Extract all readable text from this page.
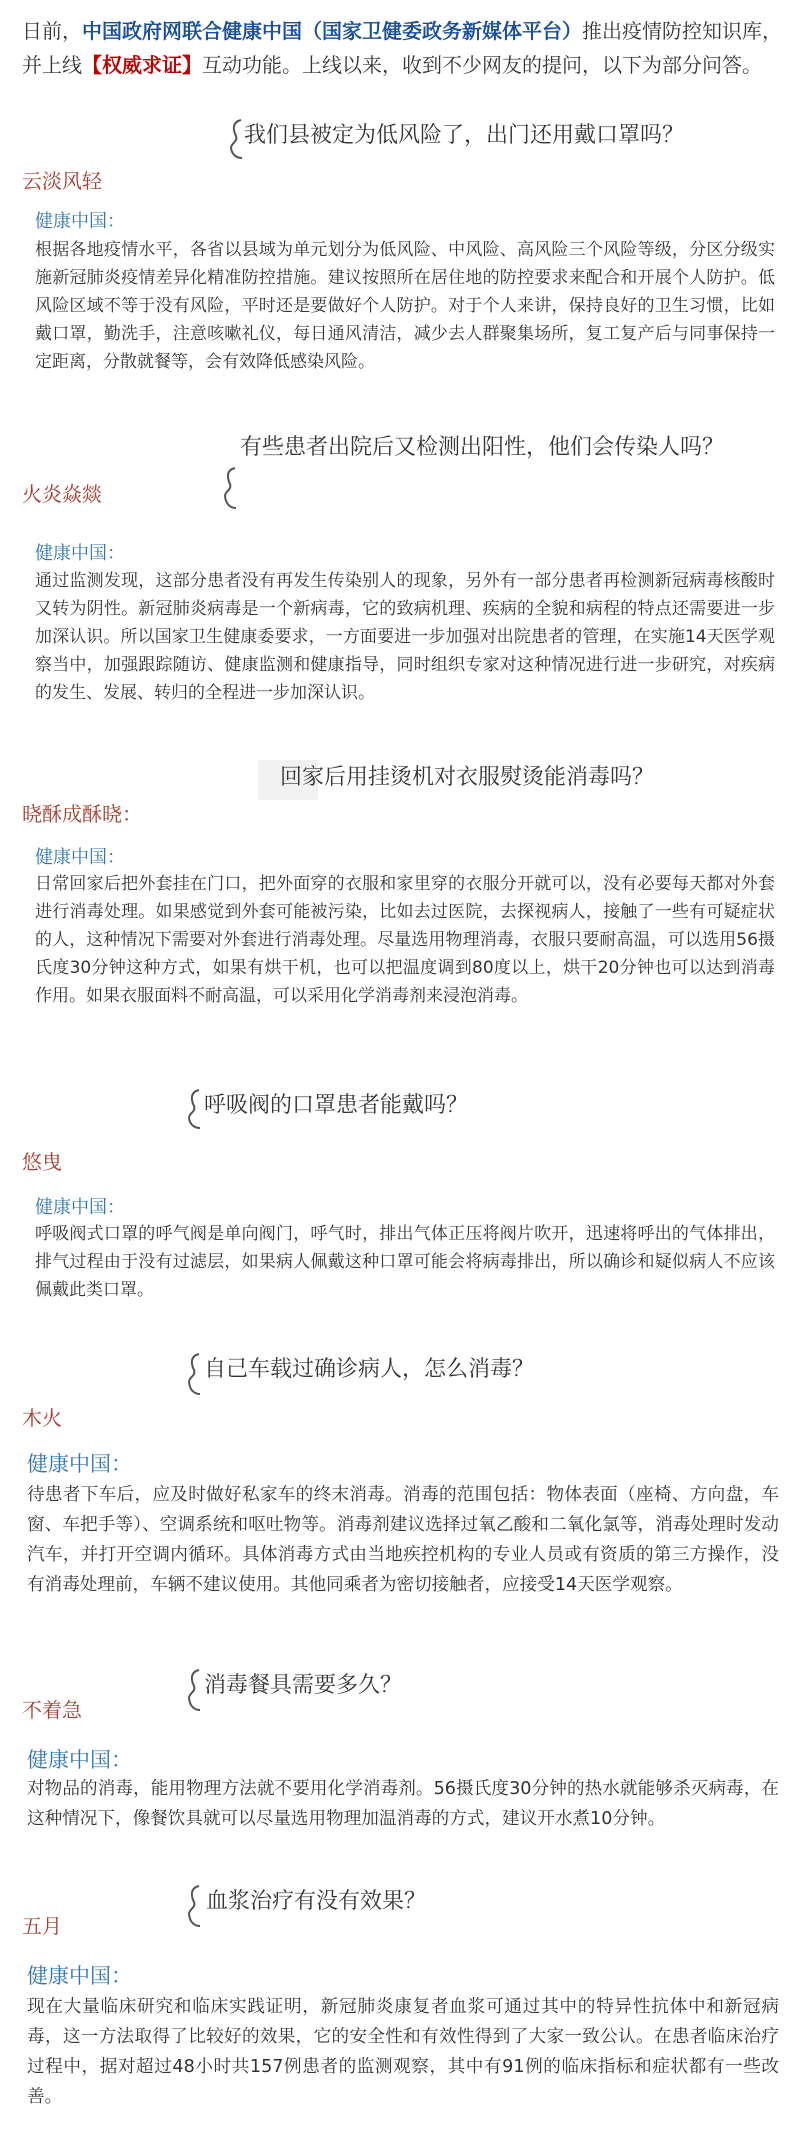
日前，中国政府网联合健康中国（国家卫健委政务新媒体平台）推出疫情防控知识库，并上线【权威求证】互动功能。上线以来，收到不少网友的提问，以下为部分问答。
我们县被定为低风险了，出门还用戴口罩吗？
云淡风轻
健康中国：
根据各地疫情水平，各省以县域为单元划分为低风险、中风险、高风险三个风险等级，分区分级实施新冠肺炎疫情差异化精准防控措施。建议按照所在居住地的防控要求来配合和开展个人防护。低风险区域不等于没有风险，平时还是要做好个人防护。对于个人来讲，保持良好的卫生习惯，比如戴口罩，勤洗手，注意咳嗽礼仪，每日通风清洁，减少去人群聚集场所，复工复产后与同事保持一定距离，分散就餐等，会有效降低感染风险。
有些患者出院后又检测出阳性，他们会传染人吗？
火炎焱燚
健康中国：
通过监测发现，这部分患者没有再发生传染别人的现象，另外有一部分患者再检测新冠病毒核酸时又转为阴性。新冠肺炎病毒是一个新病毒，它的致病机理、疾病的全貌和病程的特点还需要进一步加深认识。所以国家卫生健康委要求，一方面要进一步加强对出院患者的管理，在实施14天医学观察当中，加强跟踪随访、健康监测和健康指导，同时组织专家对这种情况进行进一步研究，对疾病的发生、发展、转归的全程进一步加深认识。
回家后用挂烫机对衣服熨烫能消毒吗？
晓酥成酥晓：
健康中国：
日常回家后把外套挂在门口，把外面穿的衣服和家里穿的衣服分开就可以，没有必要每天都对外套进行消毒处理。如果感觉到外套可能被污染，比如去过医院，去探视病人，接触了一些有可疑症状的人，这种情况下需要对外套进行消毒处理。尽量选用物理消毒，衣服只要耐高温，可以选用56摄氏度30分钟这种方式，如果有烘干机，也可以把温度调到80度以上，烘干20分钟也可以达到消毒作用。如果衣服面料不耐高温，可以采用化学消毒剂来浸泡消毒。
呼吸阀的口罩患者能戴吗？
悠曳
健康中国：
呼吸阀式口罩的呼气阀是单向阀门，呼气时，排出气体正压将阀片吹开，迅速将呼出的气体排出，排气过程由于没有过滤层，如果病人佩戴这种口罩可能会将病毒排出，所以确诊和疑似病人不应该佩戴此类口罩。
自己车载过确诊病人，怎么消毒？
木火
健康中国：
待患者下车后，应及时做好私家车的终末消毒。消毒的范围包括：物体表面（座椅、方向盘，车窗、车把手等）、空调系统和呕吐物等。消毒剂建议选择过氧乙酸和二氧化氯等，消毒处理时发动汽车，并打开空调内循环。具体消毒方式由当地疾控机构的专业人员或有资质的第三方操作，没有消毒处理前，车辆不建议使用。其他同乘者为密切接触者，应接受14天医学观察。
消毒餐具需要多久？
不着急
健康中国：
对物品的消毒，能用物理方法就不要用化学消毒剂。56摄氏度30分钟的热水就能够杀灭病毒，在这种情况下，像餐饮具就可以尽量选用物理加温消毒的方式，建议开水煮10分钟。
血浆治疗有没有效果？
五月
健康中国：
现在大量临床研究和临床实践证明，新冠肺炎康复者血浆可通过其中的特异性抗体中和新冠病毒，这一方法取得了比较好的效果，它的安全性和有效性得到了大家一致公认。在患者临床治疗过程中，据对超过48小时共157例患者的监测观察，其中有91例的临床指标和症状都有一些改善。
